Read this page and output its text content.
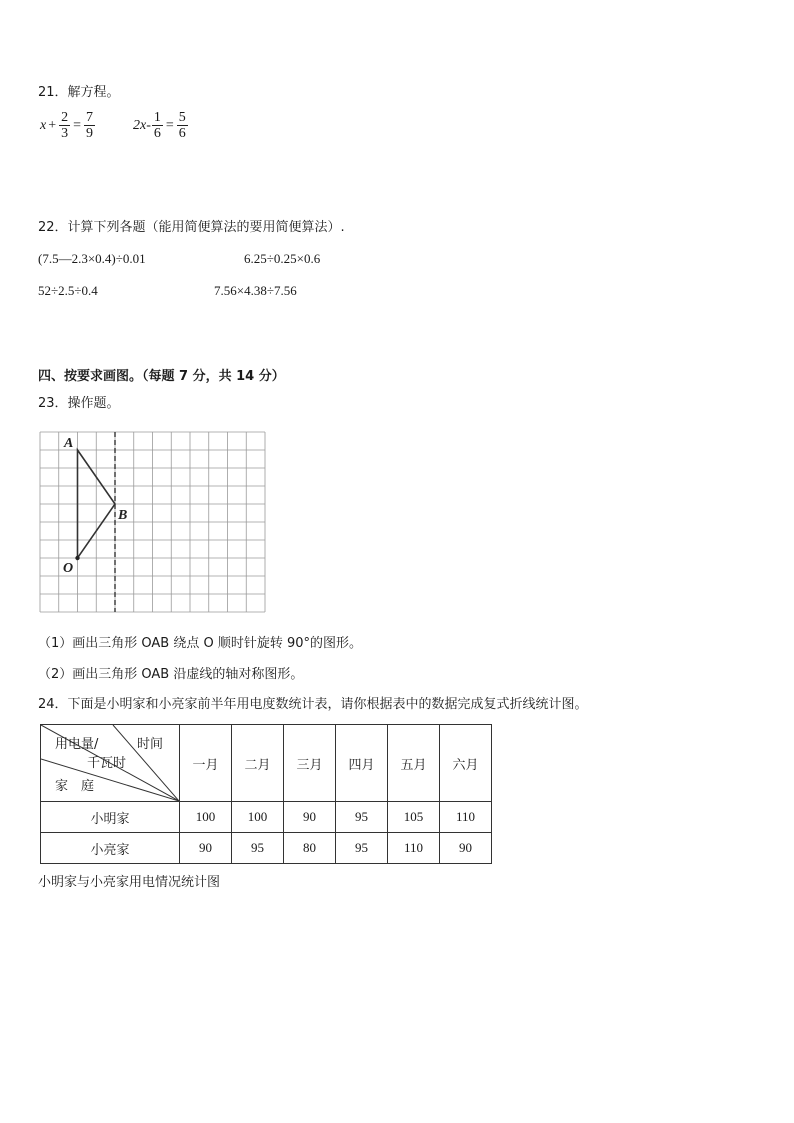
21．解方程。
$x + \frac{2}{3} = \frac{7}{9}$	$2x - \frac{1}{6} = \frac{5}{6}$
22．计算下列各题（能用简便算法的要用简便算法）.
(7.5—2.3×0.4)÷0.01	6.25÷0.25×0.6
52÷2.5÷0.4	7.56×4.38÷7.56
四、按要求画图。（每题 7 分，共 14 分）
23．操作题。
A
B
O
（1）画出三角形 OAB 绕点 O 顺时针旋转 90°的图形。
（2）画出三角形 OAB 沿虚线的轴对称图形。
24．下面是小明家和小亮家前半年用电度数统计表，请你根据表中的数据完成复式折线统计图。
时间
用电量/
千瓦时
家　庭	一月	二月	三月	四月	五月	六月
小明家	100	100	90	95	105	110
小亮家	90	95	80	95	110	90
小明家与小亮家用电情况统计图
